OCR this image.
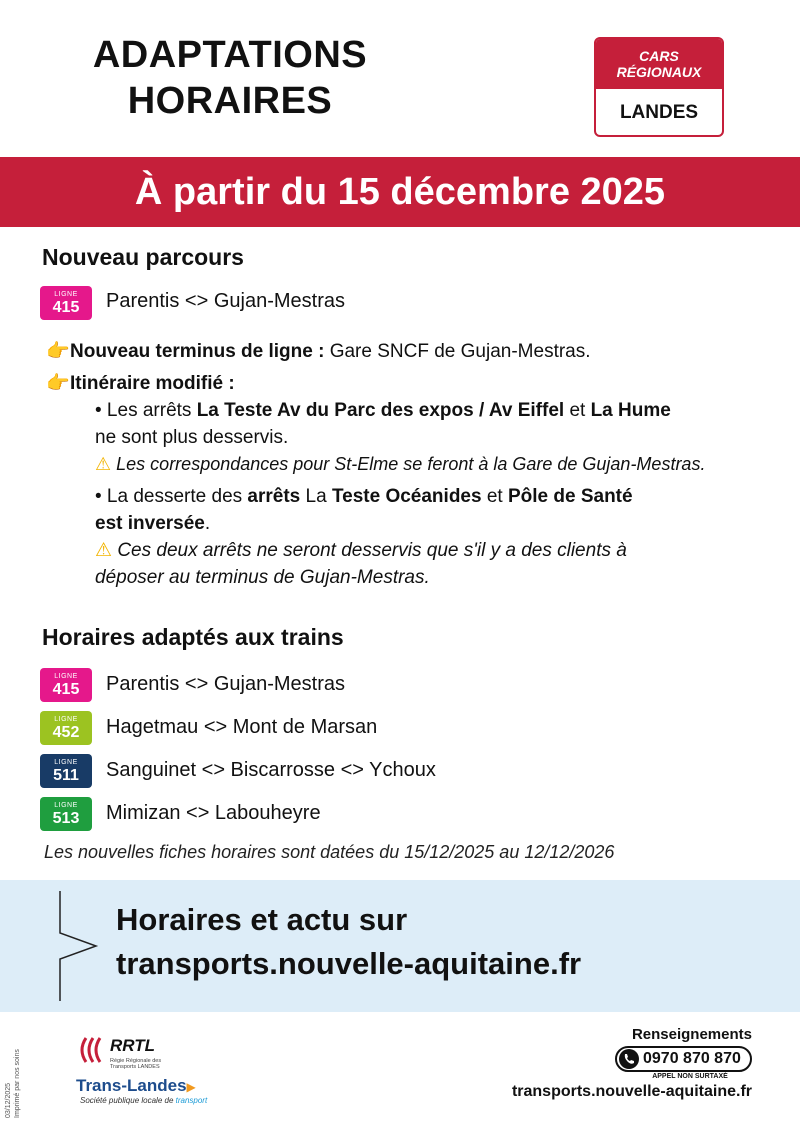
ADAPTATIONS
HORAIRES
CARS
RÉGIONAUX
LANDES
À partir du 15 décembre 2025
Nouveau parcours
LIGNE
415	Parentis <> Gujan-Mestras
👉Nouveau terminus de ligne : Gare SNCF de Gujan-Mestras.
👉Itinéraire modifié :
• Les arrêts La Teste Av du Parc des expos / Av Eiffel et La Hume
ne sont plus desservis.
⚠ Les correspondances pour St-Elme se feront à la Gare de Gujan-Mestras.
• La desserte des arrêts La Teste Océanides et Pôle de Santé
est inversée.
⚠ Ces deux arrêts ne seront desservis que s'il y a des clients à
déposer au terminus de Gujan-Mestras.
Horaires adaptés aux trains
LIGNE
415	Parentis <> Gujan-Mestras
LIGNE
452	Hagetmau <> Mont de Marsan
LIGNE
511	Sanguinet <> Biscarrosse <> Ychoux
LIGNE
513	Mimizan <> Labouheyre
Les nouvelles fiches horaires sont datées du 15/12/2025 au 12/12/2026
Horaires et actu sur
transports.nouvelle-aquitaine.fr
03/12/2025 Imprimé par nos soins
RRTL
Régie Régionale des Transports LANDES
Trans-Landes▶
Société publique locale de transport
Renseignements
0970 870 870
APPEL NON SURTAXÉ
transports.nouvelle-aquitaine.fr
